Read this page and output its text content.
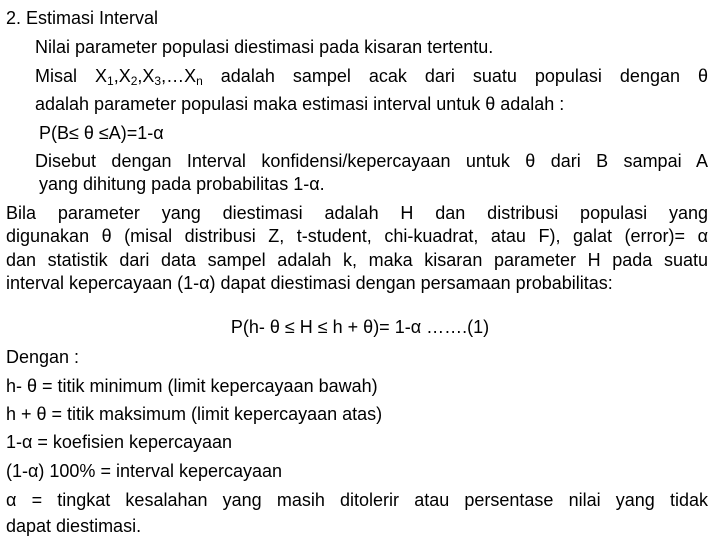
2. Estimasi Interval
Nilai parameter populasi diestimasi pada kisaran tertentu.
Misal $X_1,X_2,X_3,\dots X_n$ adalah sampel acak dari suatu populasi dengan θ
adalah parameter populasi maka estimasi interval untuk θ adalah :
P(B≤ θ ≤A)=1-α
Disebut dengan Interval konfidensi/kepercayaan untuk θ dari B sampai A
yang dihitung pada probabilitas 1-α.
Bila parameter yang diestimasi adalah H dan distribusi populasi yang
digunakan θ (misal distribusi Z, t-student, chi-kuadrat, atau F), galat (error)= α
dan statistik dari data sampel adalah k, maka kisaran parameter H pada suatu
interval kepercayaan (1-α) dapat diestimasi dengan persamaan probabilitas:
P(h- θ ≤ H ≤ h + θ)= 1-α …….(1)
Dengan :
h- θ = titik minimum (limit kepercayaan bawah)
h + θ = titik maksimum (limit kepercayaan atas)
1-α = koefisien kepercayaan
(1-α) 100% = interval kepercayaan
α = tingkat kesalahan yang masih ditolerir atau persentase nilai yang tidak
dapat diestimasi.
